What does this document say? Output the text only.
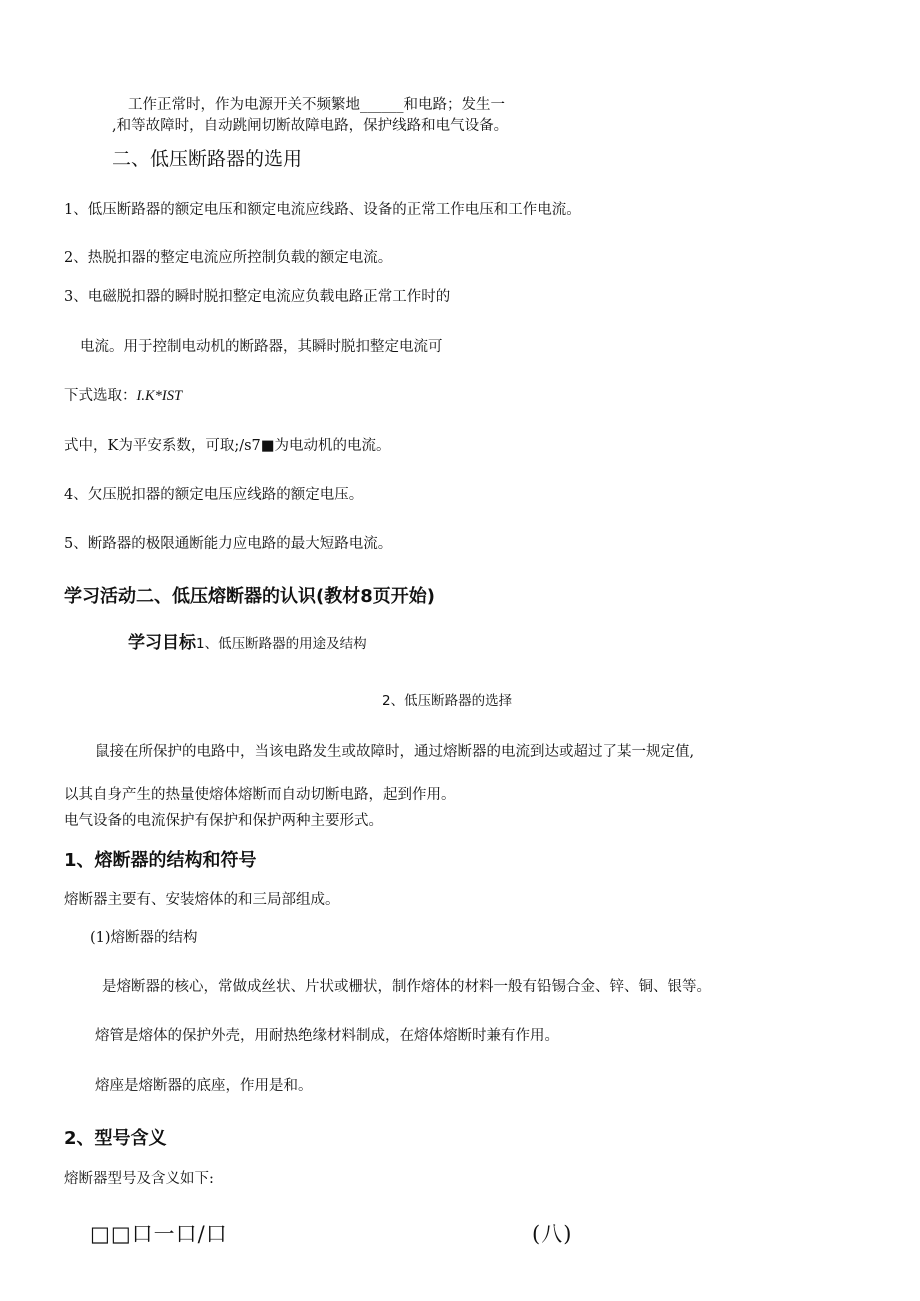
工作正常时，作为电源开关不频繁地______和电路；发生一
,和等故障时，自动跳闸切断故障电路，保护线路和电气设备。
二、低压断路器的选用
1、低压断路器的额定电压和额定电流应线路、设备的正常工作电压和工作电流。
2、热脱扣器的整定电流应所控制负载的额定电流。
3、电磁脱扣器的瞬时脱扣整定电流应负载电路正常工作时的
电流。用于控制电动机的断路器，其瞬时脱扣整定电流可
下式选取：I.K*IST
式中，K为平安系数，可取;/s7■为电动机的电流。
4、欠压脱扣器的额定电压应线路的额定电压。
5、断路器的极限通断能力应电路的最大短路电流。
学习活动二、低压熔断器的认识(教材8页开始)
学习目标1、低压断路器的用途及结构
2、低压断路器的选择
鼠接在所保护的电路中，当该电路发生或故障时，通过熔断器的电流到达或超过了某一规定值,
以其自身产生的热量使熔体熔断而自动切断电路，起到作用。
电气设备的电流保护有保护和保护两种主要形式。
1、熔断器的结构和符号
熔断器主要有、安装熔体的和三局部组成。
(1)熔断器的结构
是熔断器的核心，常做成丝状、片状或栅状，制作熔体的材料一般有铅锡合金、锌、铜、银等。
熔管是熔体的保护外壳，用耐热绝缘材料制成，在熔体熔断时兼有作用。
熔座是熔断器的底座，作用是和。
2、型号含义
熔断器型号及含义如下:
□□口一口/口	(八)
